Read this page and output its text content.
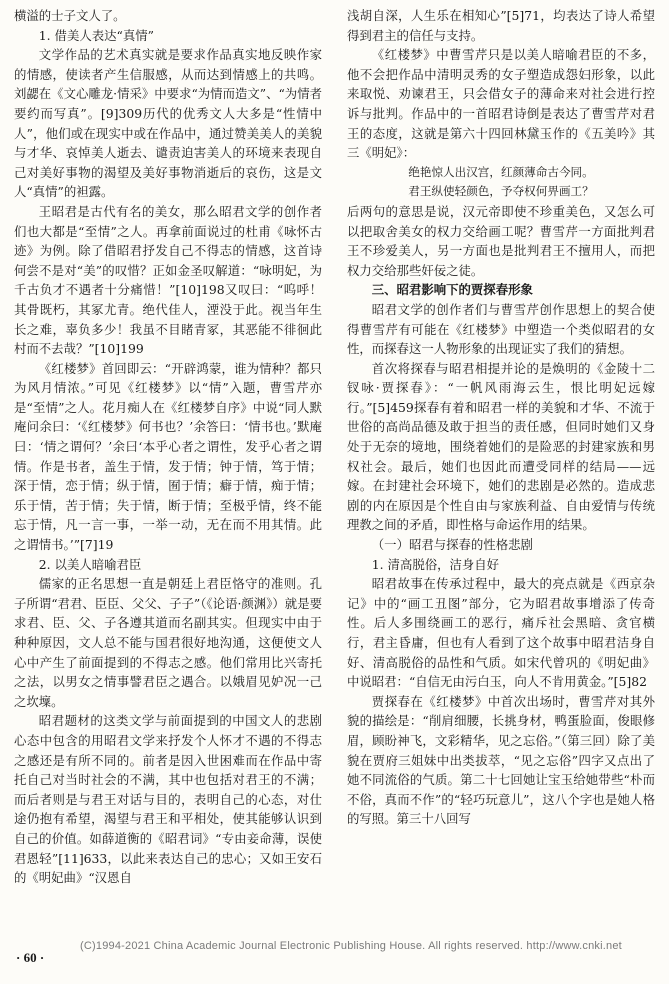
横溢的士子文人了。

1. 借美人表达“真情”

文学作品的艺术真实就是要求作品真实地反映作家的情感，使读者产生信服感，从而达到情感上的共鸣。刘勰在《文心雕龙·情采》中要求“为情而造文”、“为情者要约而写真”。[9]309历代的优秀文人大多是“性情中人”，他们或在现实中或在作品中，通过赞美美人的美貌与才华、哀悼美人逝去、谴责迫害美人的环境来表现自己对美好事物的渴望及美好事物消逝后的哀伤，这是文人“真情”的袒露。

王昭君是古代有名的美女，那么昭君文学的创作者们也大都是“至情”之人。再拿前面说过的杜甫《咏怀古迹》为例。除了借昭君抒发自己不得志的情感，这首诗何尝不是对“美”的叹惜？正如金圣叹解道：“咏明妃，为千古负才不遇者十分痛惜！”[10]198又叹曰：“呜呼！其骨既朽，其冢尤青。绝代佳人，湮没于此。视当年生长之难，辜负多少！我虽不目睹青冢，其恶能不徘徊此村而不去哉？”[10]199

《红楼梦》首回即云：“开辟鸿蒙，谁为情种？都只为风月情浓。”可见《红楼梦》以“情”入题，曹雪芹亦是“至情”之人。花月痴人在《红楼梦自序》中说“同人默庵问余曰：‘《红楼梦》何书也？’余答曰：‘情书也。’默庵曰：‘情之谓何？’余曰‘本乎心者之谓性，发乎心者之谓情。作是书者，盖生于情，发于情；钟于情，笃于情；深于情，恋于情；纵于情，囿于情；癖于情，痴于情；乐于情，苦于情；失于情，断于情；至极乎情，终不能忘于情，凡一言一事，一举一动，无在而不用其情。此之谓情书。’”[7]19

2. 以美人暗喻君臣

儒家的正名思想一直是朝廷上君臣恪守的准则。孔子所谓“君君、臣臣、父父、子子”（《论语·颜渊》）就是要求君、臣、父、子各遵其道而名副其实。但现实中由于种种原因，文人总不能与国君很好地沟通，这便使文人心中产生了前面提到的不得志之感。他们常用比兴寄托之法，以男女之情事譬君臣之遇合。以娥眉见妒况一己之坎壈。

昭君题材的这类文学与前面提到的中国文人的悲剧心态中包含的用昭君文学来抒发个人怀才不遇的不得志之感还是有所不同的。前者是因入世困难而在作品中寄托自己对当时社会的不满，其中也包括对君王的不满；而后者则是与君王对话与目的，表明自己的心态，对仕途仍抱有希望，渴望与君王和平相处，使其能够认识到自己的价值。如薛道衡的《昭君词》“专由妾命薄，误使君恩轻”[11]633，以此来表达自己的忠心；又如王安石的《明妃曲》“汉恩自

浅胡自深，人生乐在相知心”[5]71，均表达了诗人希望得到君主的信任与支持。

《红楼梦》中曹雪芹只是以美人暗喻君臣的不多，他不会把作品中清明灵秀的女子塑造成怨妇形象，以此来取悦、劝谏君王，只会借女子的薄命来对社会进行控诉与批判。作品中的一首昭君诗倒是表达了曹雪芹对君王的态度，这就是第六十四回林黛玉作的《五美吟》其三《明妃》：

绝艳惊人出汉宫，红颜薄命古今同。

君王纵使轻颜色，予夺权何畀画工？

后两句的意思是说，汉元帝即使不珍重美色，又怎么可以把取舍美女的权力交给画工呢？曹雪芹一方面批判君王不珍爱美人，另一方面也是批判君王不擅用人，而把权力交给那些奸佞之徒。

三、昭君影响下的贾探春形象

昭君文学的创作者们与曹雪芹创作思想上的契合使得曹雪芹有可能在《红楼梦》中塑造一个类似昭君的女性，而探春这一人物形象的出现证实了我们的猜想。

首次将探春与昭君相提并论的是焕明的《金陵十二钗咏·贾探春》：“一帆风雨海云生，恨比明妃远嫁行。”[5]459探春有着和昭君一样的美貌和才华、不流于世俗的高尚品德及敢于担当的责任感，但同时她们又身处于无奈的境地，围绕着她们的是险恶的封建家族和男权社会。最后，她们也因此而遭受同样的结局——远嫁。在封建社会环境下，她们的悲剧是必然的。造成悲剧的内在原因是个性自由与家族利益、自由爱情与传统理教之间的矛盾，即性格与命运作用的结果。

（一）昭君与探春的性格悲剧
1. 清高脱俗，洁身自好

昭君故事在传承过程中，最大的亮点就是《西京杂记》中的“画工丑图”部分，它为昭君故事增添了传奇性。后人多围绕画工的恶行，痛斥社会黑暗、贪官横行，君主昏庸，但也有人看到了这个故事中昭君洁身自好、清高脱俗的品性和气质。如宋代曾巩的《明妃曲》中说昭君：“自信无由污白玉，向人不肯用黄金。”[5]82

贾探春在《红楼梦》中首次出场时，曹雪芹对其外貌的描绘是：“削肩细腰，长挑身材，鸭蛋脸面，俊眼修眉，顾盼神飞，文彩精华，见之忘俗。”（第三回）除了美貌在贾府三姐妹中出类拔萃，“见之忘俗”四字又点出了她不同流俗的气质。第二十七回她让宝玉给她带些“朴而不俗，真而不作”的“轻巧玩意儿”，这八个字也是她人格的写照。第三十八回写

(C)1994-2021 China Academic Journal Electronic Publishing House. All rights reserved. http://www.cnki.net
· 60 ·
